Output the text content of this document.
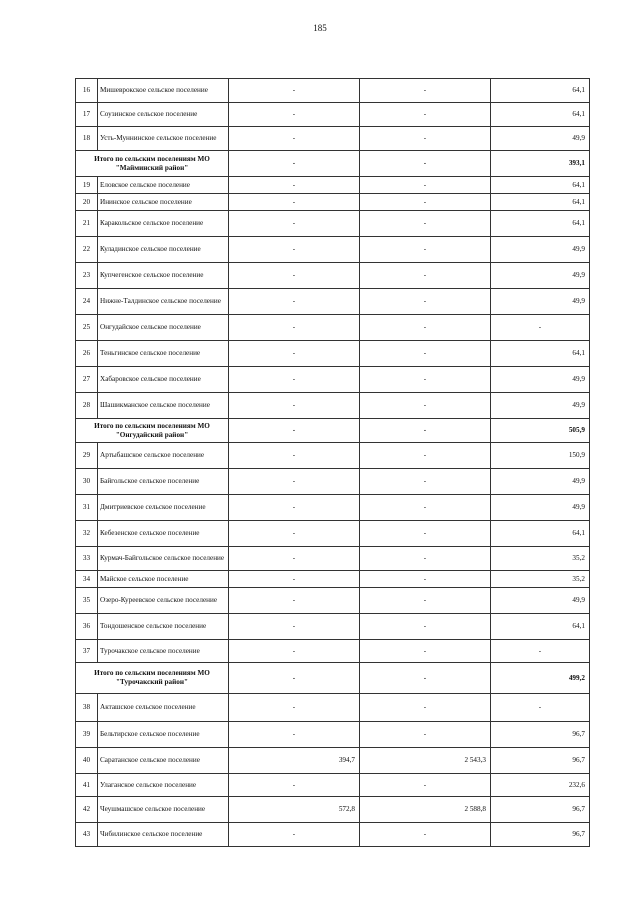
185
16	Мишеврокское сельское поселение	-	-	64,1
17	Соузинское сельское поселение	-	-	64,1
18	Усть-Муннинское сельское поселение	-	-	49,9
Итого по сельским поселениям МО "Майминский район"		-	-	393,1
19	Еловское сельское поселение	-	-	64,1
20	Ининское сельское поселение	-	-	64,1
21	Каракольское сельское поселение	-	-	64,1
22	Куладинское сельское поселение	-	-	49,9
23	Купчегенское сельское поселение	-	-	49,9
24	Нижне-Талдинское сельское поселение	-	-	49,9
25	Онгудайское сельское поселение	-	-	-
26	Теньгинское сельское поселение	-	-	64,1
27	Хабаровское сельское поселение	-	-	49,9
28	Шашикманское сельское поселение	-	-	49,9
Итого по сельским поселениям МО "Онгудайский район"		-	-	505,9
29	Артыбашское сельское поселение	-	-	150,9
30	Байгольское сельское поселение	-	-	49,9
31	Дмитриевское сельское поселение	-	-	49,9
32	Кебезенское сельское поселение	-	-	64,1
33	Курмач-Байгольское сельское поселение	-	-	35,2
34	Майское сельское поселение	-	-	35,2
35	Озеро-Куреевское сельское поселение	-	-	49,9
36	Тондошенское сельское поселение	-	-	64,1
37	Турочакское сельское поселение	-	-	-
Итого по сельским поселениям МО "Турочакский район"		-	-	499,2
38	Акташское сельское поселение	-	-	-
39	Бельтирское сельское поселение	-	-	96,7
40	Саратанское сельское поселение	394,7	2 543,3	96,7
41	Улаганское сельское поселение	-	-	232,6
42	Чеушмашское сельское поселение	572,8	2 588,8	96,7
43	Чибилинское сельское поселение	-	-	96,7
